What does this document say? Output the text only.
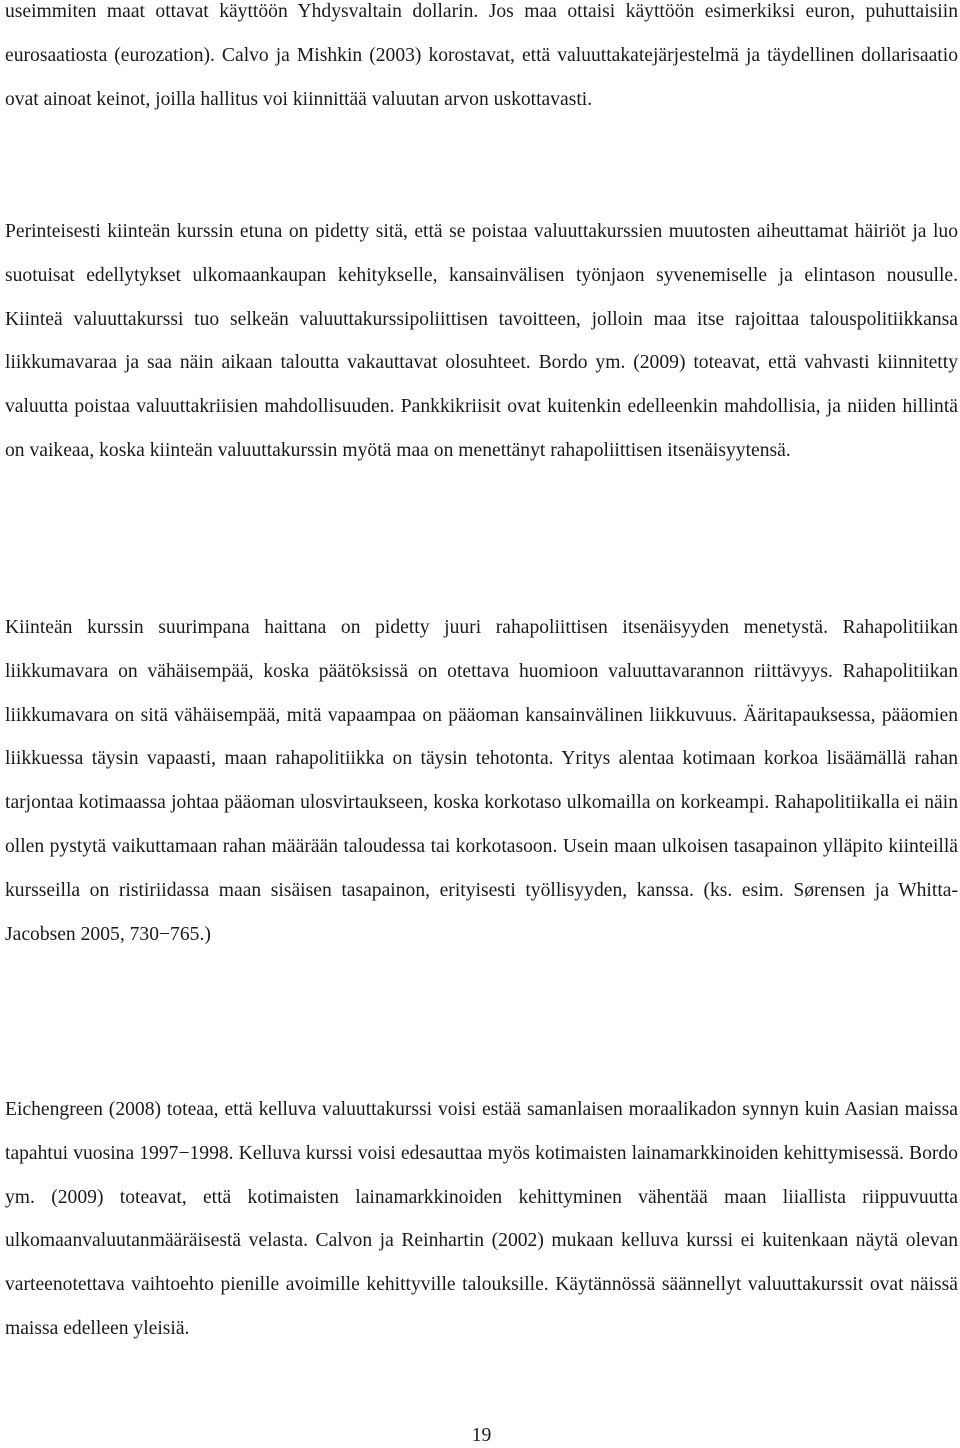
useimmiten maat ottavat käyttöön Yhdysvaltain dollarin. Jos maa ottaisi käyttöön esimerkiksi euron, puhuttaisiin eurosaatiosta (eurozation). Calvo ja Mishkin (2003) korostavat, että valuuttakatejärjestelmä ja täydellinen dollarisaatio ovat ainoat keinot, joilla hallitus voi kiinnittää valuutan arvon uskottavasti.

Perinteisesti kiinteän kurssin etuna on pidetty sitä, että se poistaa valuuttakurssien muutosten aiheuttamat häiriöt ja luo suotuisat edellytykset ulkomaankaupan kehitykselle, kansainvälisen työnjaon syvenemiselle ja elintason nousulle. Kiinteä valuuttakurssi tuo selkeän valuuttakurssipoliittisen tavoitteen, jolloin maa itse rajoittaa talouspolitiikkansa liikkumavaraa ja saa näin aikaan taloutta vakauttavat olosuhteet. Bordo ym. (2009) toteavat, että vahvasti kiinnitetty valuutta poistaa valuuttakriisien mahdollisuuden. Pankkikriisit ovat kuitenkin edelleenkin mahdollisia, ja niiden hillintä on vaikeaa, koska kiinteän valuuttakurssin myötä maa on menettänyt rahapoliittisen itsenäisyytensä.

Kiinteän kurssin suurimpana haittana on pidetty juuri rahapoliittisen itsenäisyyden menetystä. Rahapolitiikan liikkumavara on vähäisempää, koska päätöksissä on otettava huomioon valuuttavarannon riittävyys. Rahapolitiikan liikkumavara on sitä vähäisempää, mitä vapaampaa on pääoman kansainvälinen liikkuvuus. Ääritapauksessa, pääomien liikkuessa täysin vapaasti, maan rahapolitiikka on täysin tehotonta. Yritys alentaa kotimaan korkoa lisäämällä rahan tarjontaa kotimaassa johtaa pääoman ulosvirtaukseen, koska korkotaso ulkomailla on korkeampi. Rahapolitiikalla ei näin ollen pystytä vaikuttamaan rahan määrään taloudessa tai korkotasoon. Usein maan ulkoisen tasapainon ylläpito kiinteillä kursseilla on ristiriidassa maan sisäisen tasapainon, erityisesti työllisyyden, kanssa. (ks. esim. Sørensen ja Whitta-Jacobsen 2005, 730−765.)

Eichengreen (2008) toteaa, että kelluva valuuttakurssi voisi estää samanlaisen moraalikadon synnyn kuin Aasian maissa tapahtui vuosina 1997−1998. Kelluva kurssi voisi edesauttaa myös kotimaisten lainamarkkinoiden kehittymisessä. Bordo ym. (2009) toteavat, että kotimaisten lainamarkkinoiden kehittyminen vähentää maan liiallista riippuvuutta ulkomaanvaluutanmääräisestä velasta. Calvon ja Reinhartin (2002) mukaan kelluva kurssi ei kuitenkaan näytä olevan varteenotettava vaihtoehto pienille avoimille kehittyville talouksille. Käytännössä säännellyt valuuttakurssit ovat näissä maissa edelleen yleisiä.

19
